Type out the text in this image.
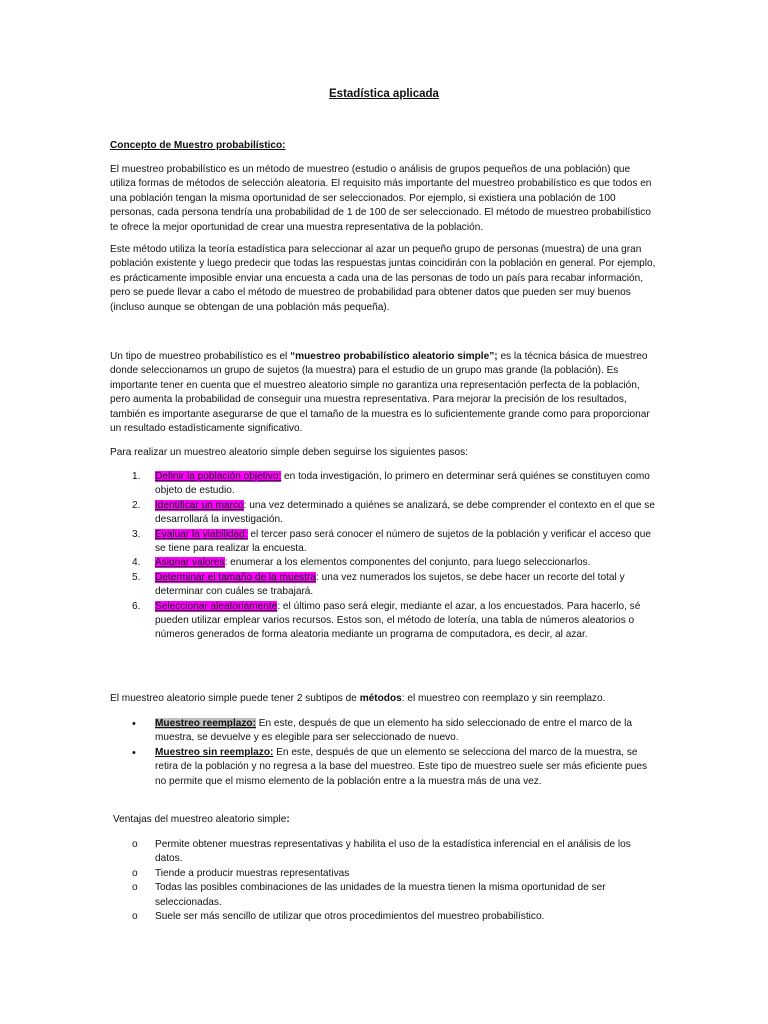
Estadística aplicada

Concepto de Muestro probabilístico:

El muestreo probabilístico es un método de muestreo (estudio o análisis de grupos pequeños de una población) que utiliza formas de métodos de selección aleatoria. El requisito más importante del muestreo probabilístico es que todos en una población tengan la misma oportunidad de ser seleccionados. Por ejemplo, si existiera una población de 100 personas, cada persona tendría una probabilidad de 1 de 100 de ser seleccionado. El método de muestreo probabilístico te ofrece la mejor oportunidad de crear una muestra representativa de la población.

Este método utiliza la teoría estadística para seleccionar al azar un pequeño grupo de personas (muestra) de una gran población existente y luego predecir que todas las respuestas juntas coincidirán con la población en general. Por ejemplo, es prácticamente imposible enviar una encuesta a cada una de las personas de todo un país para recabar información, pero se puede llevar a cabo el método de muestreo de probabilidad para obtener datos que pueden ser muy buenos (incluso aunque se obtengan de una población más pequeña).

Un tipo de muestreo probabilístico es el “muestreo probabilístico aleatorio simple”; es la técnica básica de muestreo donde seleccionamos un grupo de sujetos (la muestra) para el estudio de un grupo mas grande (la población). Es importante tener en cuenta que el muestreo aleatorio simple no garantiza una representación perfecta de la población, pero aumenta la probabilidad de conseguir una muestra representativa. Para mejorar la precisión de los resultados, también es importante asegurarse de que el tamaño de la muestra es lo suficientemente grande como para proporcionar un resultado estadísticamente significativo.

Para realizar un muestreo aleatorio simple deben seguirse los siguientes pasos:

1. Definir la población objetivo: en toda investigación, lo primero en determinar será quiénes se constituyen como objeto de estudio.
2. Identificar un marco: una vez determinado a quiénes se analizará, se debe comprender el contexto en el que se desarrollará la investigación.
3. Evaluar la viabilidad: el tercer paso será conocer el número de sujetos de la población y verificar el acceso que se tiene para realizar la encuesta.
4. Asignar valores: enumerar a los elementos componentes del conjunto, para luego seleccionarlos.
5. Determinar el tamaño de la muestra: una vez numerados los sujetos, se debe hacer un recorte del total y determinar con cuáles se trabajará.
6. Seleccionar aleatoriamente: el último paso será elegir, mediante el azar, a los encuestados. Para hacerlo, sé pueden utilizar emplear varios recursos. Estos son, el método de lotería, una tabla de números aleatorios o números generados de forma aleatoria mediante un programa de computadora, es decir, al azar.

El muestreo aleatorio simple puede tener 2 subtipos de métodos: el muestreo con reemplazo y sin reemplazo.

• Muestreo reemplazo: En este, después de que un elemento ha sido seleccionado de entre el marco de la muestra, se devuelve y es elegible para ser seleccionado de nuevo.
• Muestreo sin reemplazo: En este, después de que un elemento se selecciona del marco de la muestra, se retira de la población y no regresa a la base del muestreo. Este tipo de muestreo suele ser más eficiente pues no permite que el mismo elemento de la población entre a la muestra más de una vez.

Ventajas del muestreo aleatorio simple:

o Permite obtener muestras representativas y habilita el uso de la estadística inferencial en el análisis de los datos.
o Tiende a producir muestras representativas
o Todas las posibles combinaciones de las unidades de la muestra tienen la misma oportunidad de ser seleccionadas.
o Suele ser más sencillo de utilizar que otros procedimientos del muestreo probabilístico.
